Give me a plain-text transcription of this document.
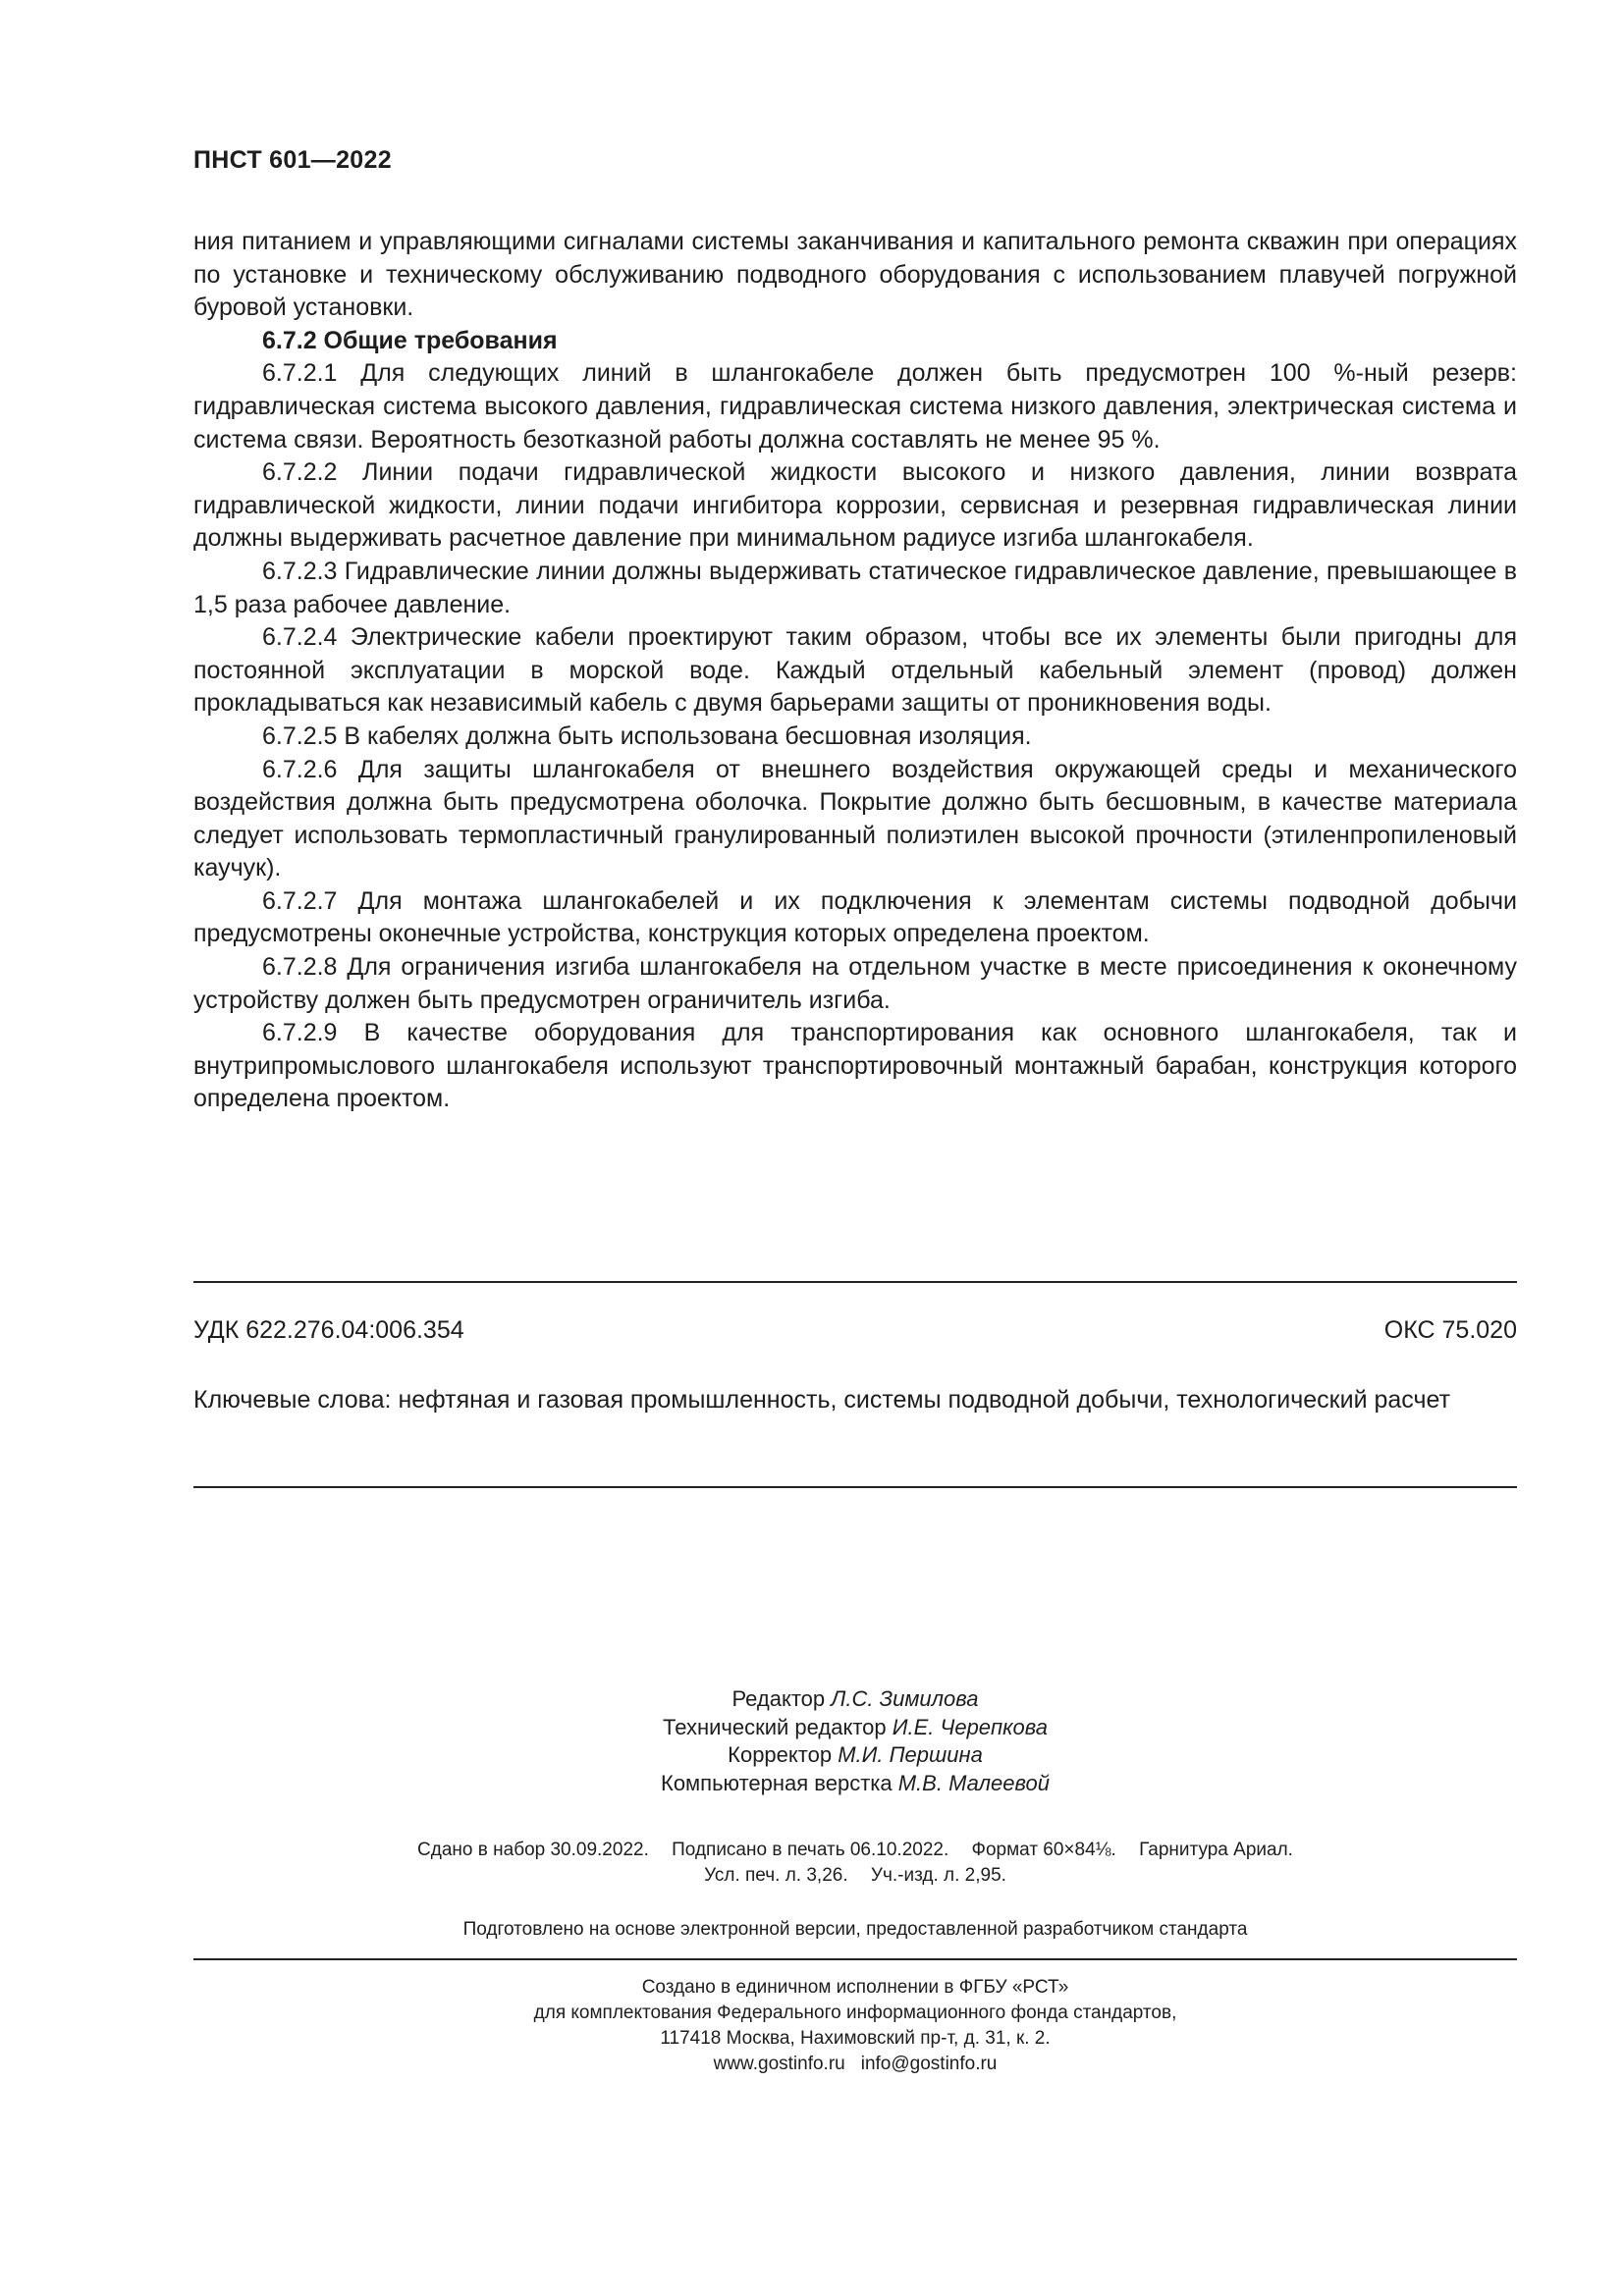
ПНСТ 601—2022

ния питанием и управляющими сигналами системы заканчивания и капитального ремонта скважин при операциях по установке и техническому обслуживанию подводного оборудования с использованием плавучей погружной буровой установки.

6.7.2 Общие требования

6.7.2.1 Для следующих линий в шлангокабеле должен быть предусмотрен 100 %-ный резерв: гидравлическая система высокого давления, гидравлическая система низкого давления, электрическая система и система связи. Вероятность безотказной работы должна составлять не менее 95 %.

6.7.2.2 Линии подачи гидравлической жидкости высокого и низкого давления, линии возврата гидравлической жидкости, линии подачи ингибитора коррозии, сервисная и резервная гидравлическая линии должны выдерживать расчетное давление при минимальном радиусе изгиба шлангокабеля.

6.7.2.3 Гидравлические линии должны выдерживать статическое гидравлическое давление, превышающее в 1,5 раза рабочее давление.

6.7.2.4 Электрические кабели проектируют таким образом, чтобы все их элементы были пригодны для постоянной эксплуатации в морской воде. Каждый отдельный кабельный элемент (провод) должен прокладываться как независимый кабель с двумя барьерами защиты от проникновения воды.

6.7.2.5 В кабелях должна быть использована бесшовная изоляция.

6.7.2.6 Для защиты шлангокабеля от внешнего воздействия окружающей среды и механического воздействия должна быть предусмотрена оболочка. Покрытие должно быть бесшовным, в качестве материала следует использовать термопластичный гранулированный полиэтилен высокой прочности (этиленпропиленовый каучук).

6.7.2.7 Для монтажа шлангокабелей и их подключения к элементам системы подводной добычи предусмотрены оконечные устройства, конструкция которых определена проектом.

6.7.2.8 Для ограничения изгиба шлангокабеля на отдельном участке в месте присоединения к оконечному устройству должен быть предусмотрен ограничитель изгиба.

6.7.2.9 В качестве оборудования для транспортирования как основного шлангокабеля, так и внутрипромыслового шлангокабеля используют транспортировочный монтажный барабан, конструкция которого определена проектом.

УДК 622.276.04:006.354	ОКС 75.020
Ключевые слова: нефтяная и газовая промышленность, системы подводной добычи, технологический расчет
Редактор Л.С. Зимилова
Технический редактор И.Е. Черепкова
Корректор М.И. Першина
Компьютерная верстка М.В. Малеевой
Сдано в набор 30.09.2022. Подписано в печать 06.10.2022. Формат 60×84⅛. Гарнитура Ариал.
Усл. печ. л. 3,26. Уч.-изд. л. 2,95.
Подготовлено на основе электронной версии, предоставленной разработчиком стандарта
Создано в единичном исполнении в ФГБУ «РСТ»
для комплектования Федерального информационного фонда стандартов,
117418 Москва, Нахимовский пр-т, д. 31, к. 2.
www.gostinfo.ru info@gostinfo.ru
